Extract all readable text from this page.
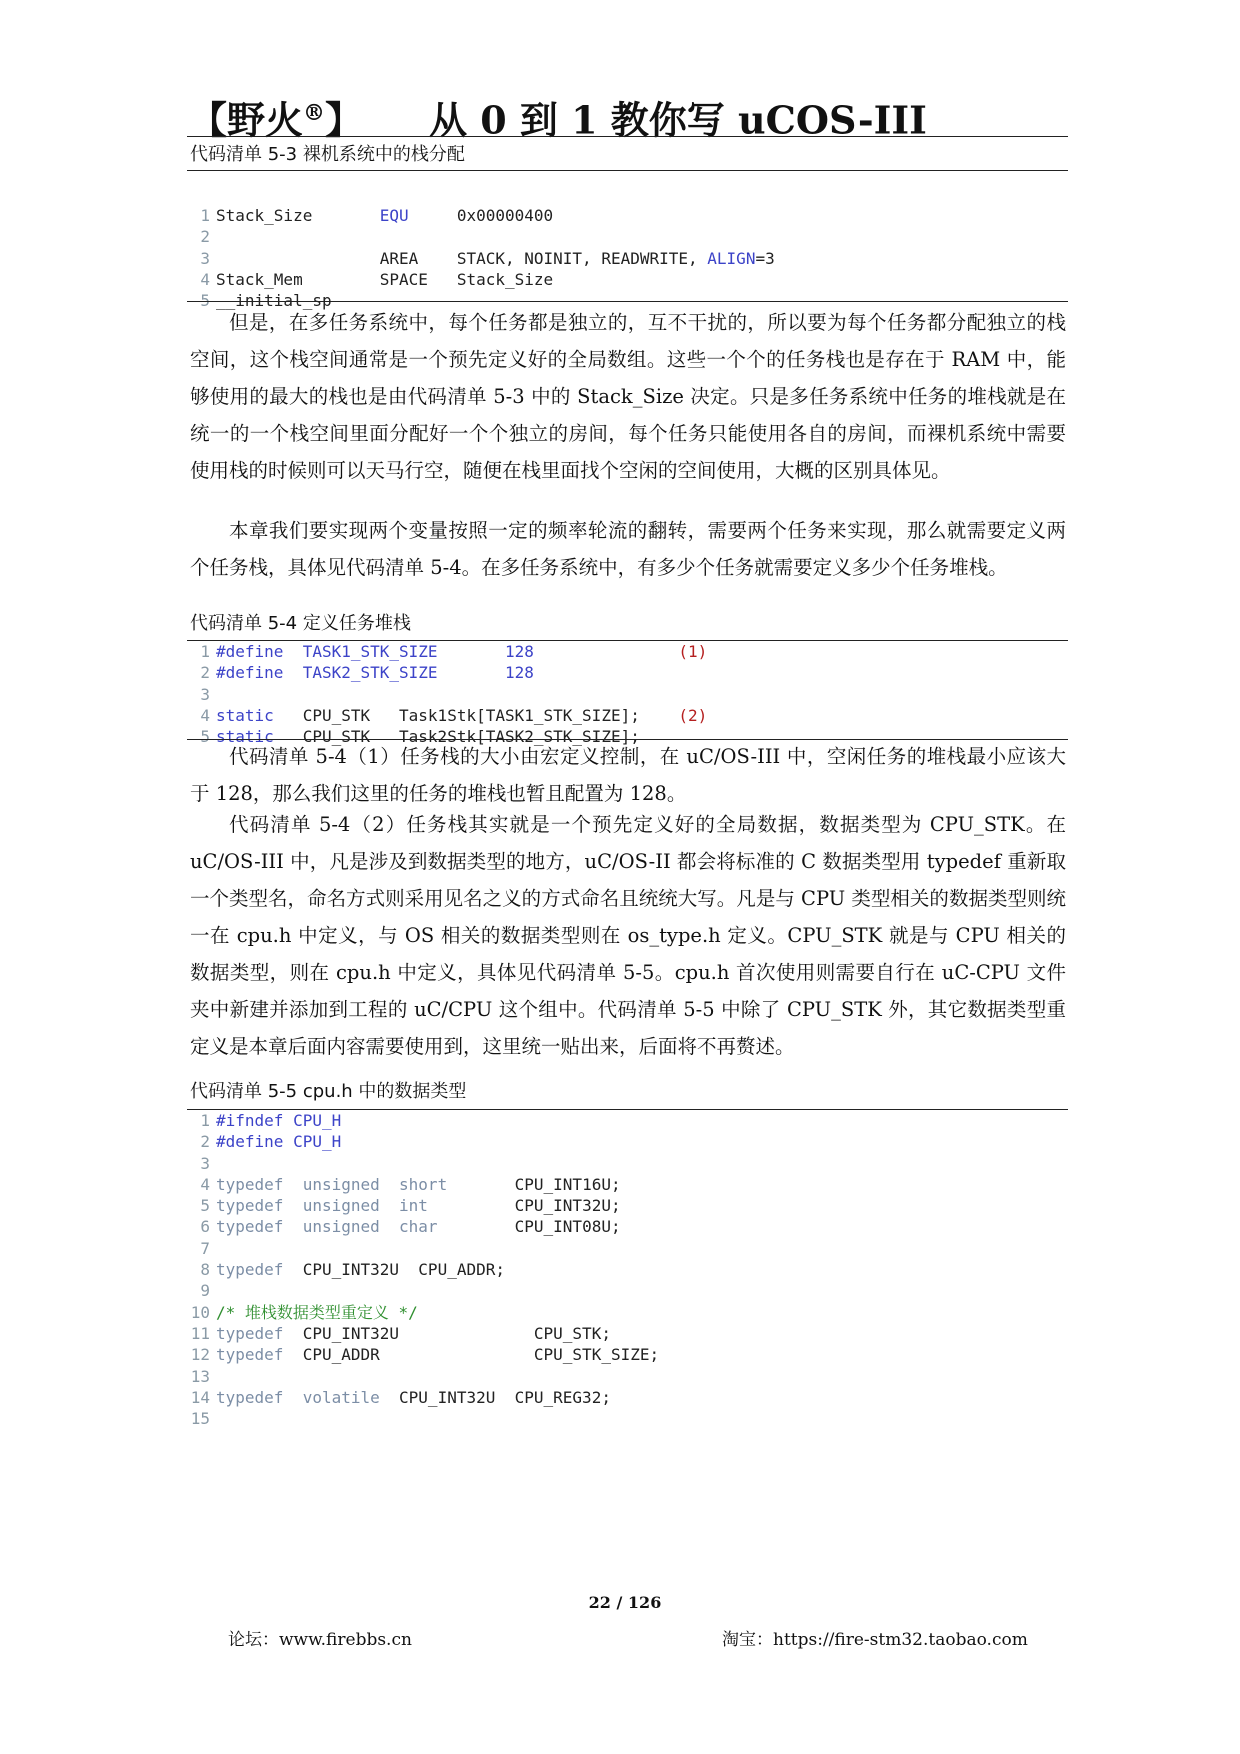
【野火®】 从 0 到 1 教你写 uCOS-III
代码清单 5-3 裸机系统中的栈分配
1 Stack_Size       EQU     0x00000400
2
3                 AREA    STACK, NOINIT, READWRITE, ALIGN=3
4 Stack_Mem        SPACE   Stack_Size
5 __initial_sp

但是，在多任务系统中，每个任务都是独立的，互不干扰的，所以要为每个任务都分配独立的栈空间，这个栈空间通常是一个预先定义好的全局数组。这些一个个的任务栈也是存在于 RAM 中，能够使用的最大的栈也是由代码清单 5-3 中的 Stack_Size 决定。只是多任务系统中任务的堆栈就是在统一的一个栈空间里面分配好一个个独立的房间，每个任务只能使用各自的房间，而裸机系统中需要使用栈的时候则可以天马行空，随便在栈里面找个空闲的空间使用，大概的区别具体见。

本章我们要实现两个变量按照一定的频率轮流的翻转，需要两个任务来实现，那么就需要定义两个任务栈，具体见代码清单 5-4。在多任务系统中，有多少个任务就需要定义多少个任务堆栈。

代码清单 5-4 定义任务堆栈
1 #define TASK1_STK_SIZE	128	(1)
2 #define TASK2_STK_SIZE	128
3
4 static   CPU_STK   Task1Stk[TASK1_STK_SIZE];    (2)
5 static   CPU_STK   Task2Stk[TASK2_STK_SIZE];

代码清单 5-4（1）任务栈的大小由宏定义控制，在 uC/OS-III 中，空闲任务的堆栈最小应该大于 128，那么我们这里的任务的堆栈也暂且配置为 128。

代码清单 5-4（2）任务栈其实就是一个预先定义好的全局数据，数据类型为 CPU_STK。在 uC/OS-III 中，凡是涉及到数据类型的地方，uC/OS-II 都会将标准的 C 数据类型用 typedef 重新取一个类型名，命名方式则采用见名之义的方式命名且统统大写。凡是与 CPU 类型相关的数据类型则统一在 cpu.h 中定义，与 OS 相关的数据类型则在 os_type.h 定义。CPU_STK 就是与 CPU 相关的数据类型，则在 cpu.h 中定义，具体见代码清单 5-5。cpu.h 首次使用则需要自行在 uC-CPU 文件夹中新建并添加到工程的 uC/CPU 这个组中。代码清单 5-5 中除了 CPU_STK 外，其它数据类型重定义是本章后面内容需要使用到，这里统一贴出来，后面将不再赘述。

代码清单 5-5 cpu.h 中的数据类型
1 #ifndef CPU_H
2 #define CPU_H
3
4 typedef unsigned short       CPU_INT16U;
5 typedef unsigned int         CPU_INT32U;
6 typedef unsigned char        CPU_INT08U;
7
8 typedef  CPU_INT32U  CPU_ADDR;
9
10 /* 堆栈数据类型重定义 */
11 typedef  CPU_INT32U              CPU_STK;
12 typedef  CPU_ADDR                CPU_STK_SIZE;
13
14 typedef volatile  CPU_INT32U  CPU_REG32;
15
22 / 126
论坛：www.firebbs.cn	淘宝：https://fire-stm32.taobao.com
